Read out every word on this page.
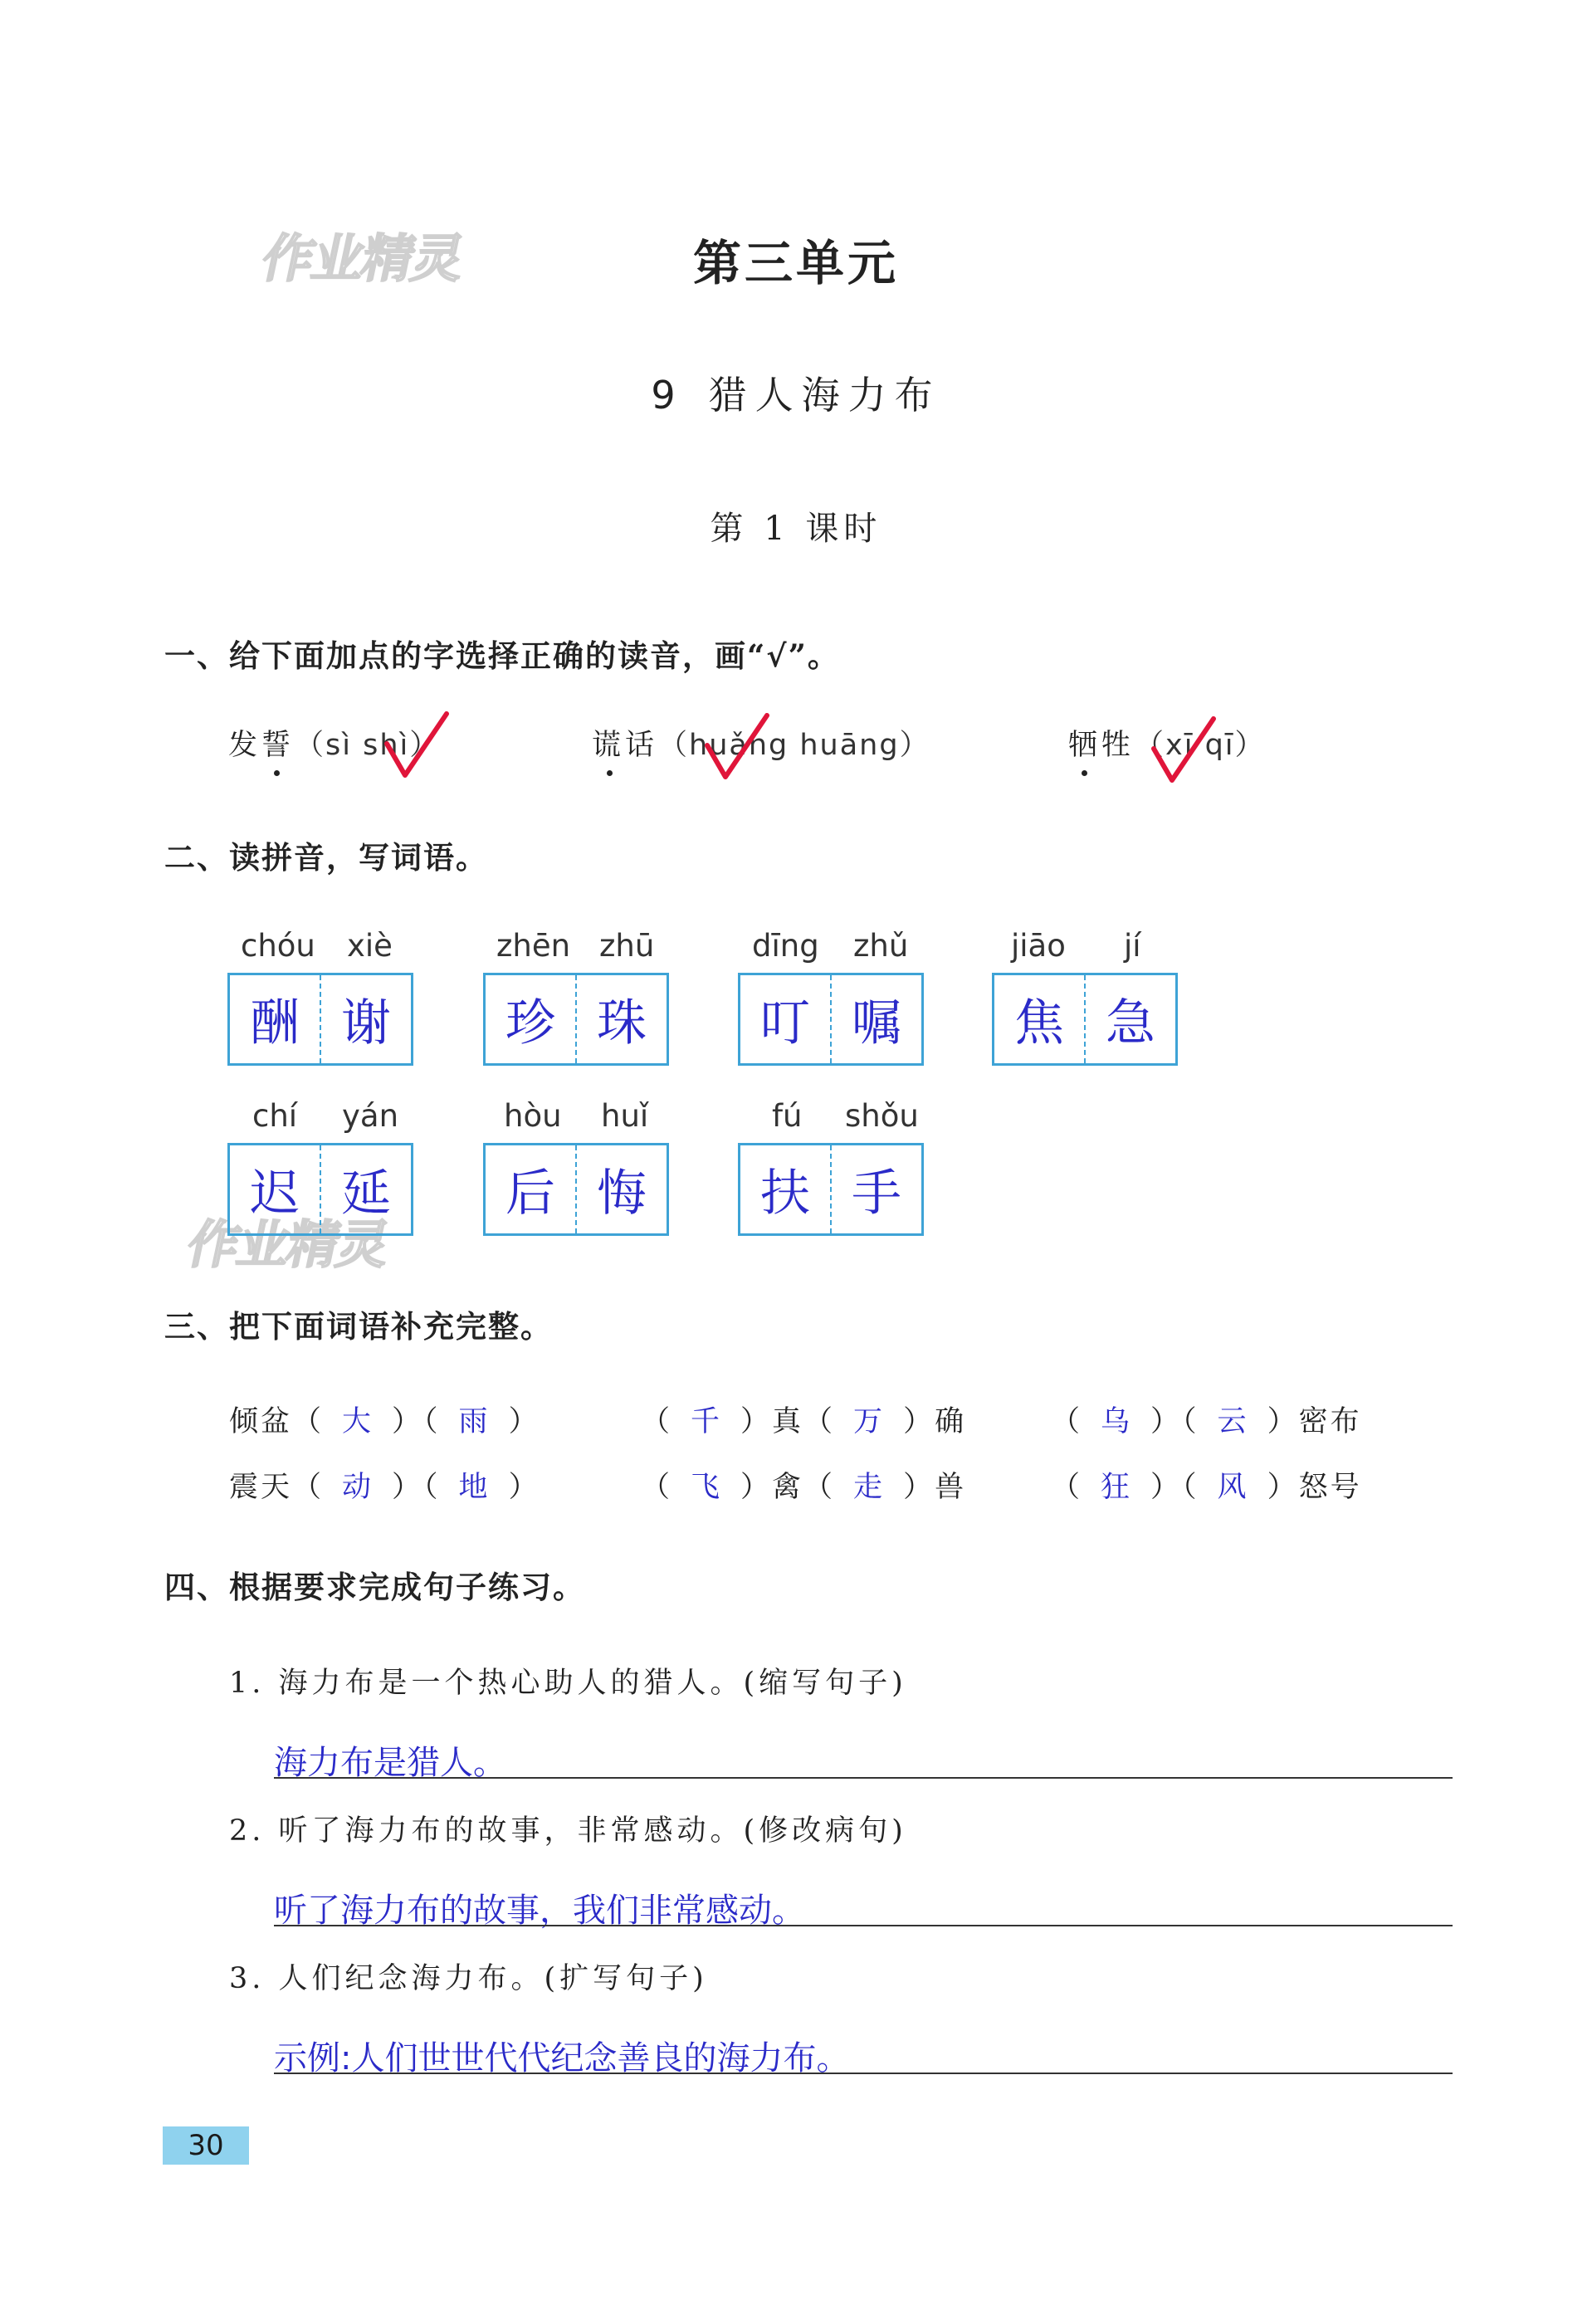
作业精灵
作业精灵
第三单元
9 猎人海力布
第 1 课时
一、给下面加点的字选择正确的读音，画“√”。
发誓（sì shì）	谎话（huǎng huāng）	牺牲（xī qī）
二、读拼音，写词语。
chóu xiè
酬 谢
zhēn zhū
珍 珠
dīng zhǔ
叮 嘱
jiāo jí
焦 急
chí yán
迟 延
hòu huǐ
后 悔
fú shǒu
扶 手
三、把下面词语补充完整。
倾盆（ 大 ）（ 雨 ）	（ 千 ）真（ 万 ）确	（ 乌 ）（ 云 ）密布
震天（ 动 ）（ 地 ）	（ 飞 ）禽（ 走 ）兽	（ 狂 ）（ 风 ）怒号
四、根据要求完成句子练习。
1. 海力布是一个热心助人的猎人。(缩写句子)
海力布是猎人。
2. 听了海力布的故事，非常感动。(修改病句)
听了海力布的故事，我们非常感动。
3. 人们纪念海力布。(扩写句子)
示例:人们世世代代纪念善良的海力布。
30
